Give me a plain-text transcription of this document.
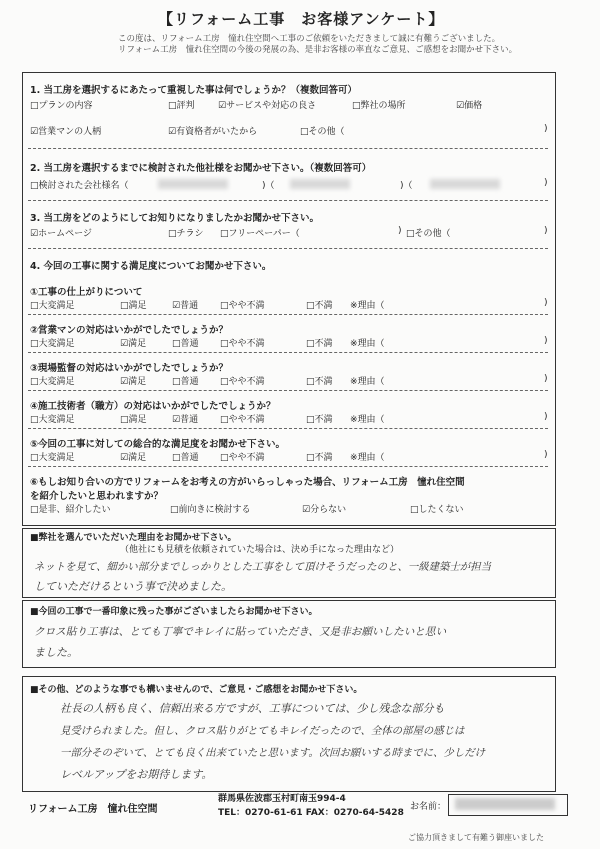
【リフォーム工事　お客様アンケート】
この度は、リフォーム工房　憧れ住空間へ工事のご依頼をいただきまして誠に有難うございました。
リフォーム工房　憧れ住空間の今後の発展の為、是非お客様の率直なご意見、ご感想をお聞かせ下さい。
1. 当工房を選択するにあたって重視した事は何でしょうか？（複数回答可）
□プランの内容	□評判	☑サービスや対応の良さ	□弊社の場所	☑価格
☑営業マンの人柄	☑有資格者がいたから	□その他（	)
2. 当工房を選択するまでに検討された他社様をお聞かせ下さい。（複数回答可）
□検討された会社様名（	)（	)（	)
3. 当工房をどのようにしてお知りになりましたかお聞かせ下さい。
☑ホームページ	□チラシ □フリーペーパー（	) □その他（	)
4. 今回の工事に関する満足度についてお聞かせ下さい。
①工事の仕上がりについて
□大変満足	□満足	☑普通 □やや不満	□不満 ※理由（	)
②営業マンの対応はいかがでしたでしょうか？
□大変満足	☑満足	□普通 □やや不満	□不満 ※理由（	)
③現場監督の対応はいかがでしたでしょうか？
□大変満足	☑満足	□普通 □やや不満	□不満 ※理由（	)
④施工技術者（職方）の対応はいかがでしたでしょうか？
□大変満足	□満足	☑普通 □やや不満	□不満 ※理由（	)
⑤今回の工事に対しての総合的な満足度をお聞かせ下さい。
□大変満足	☑満足	□普通 □やや不満	□不満 ※理由（	)
⑥もしお知り合いの方でリフォームをお考えの方がいらっしゃった場合、リフォーム工房　憧れ住空間
を紹介したいと思われますか？
□是非、紹介したい	□前向きに検討する	☑分らない	□したくない
■弊社を選んでいただいた理由をお聞かせ下さい。
（他社にも見積を依頼されていた場合は、決め手になった理由など）
ネットを見て、細かい部分までしっかりとした工事をして頂けそうだったのと、一級建築士が担当
していただけるという事で決めました。
■今回の工事で一番印象に残った事がございましたらお聞かせ下さい。
クロス貼り工事は、とても丁寧でキレイに貼っていただき、又是非お願いしたいと思い
ました。
■その他、どのような事でも構いませんので、ご意見・ご感想をお聞かせ下さい。
社長の人柄も良く、信頼出来る方ですが、工事については、少し残念な部分も
見受けられました。但し、クロス貼りがとてもキレイだったので、全体の部屋の感じは
一部分そのぞいて、とても良く出来ていたと思います。次回お願いする時までに、少しだけ
レベルアップをお期待します。
リフォーム工房　憧れ住空間
群馬県佐波郡玉村町南玉994-4
TEL：0270-61-61 FAX：0270-64-5428
お名前：
ご協力頂きまして有難う御座いました
